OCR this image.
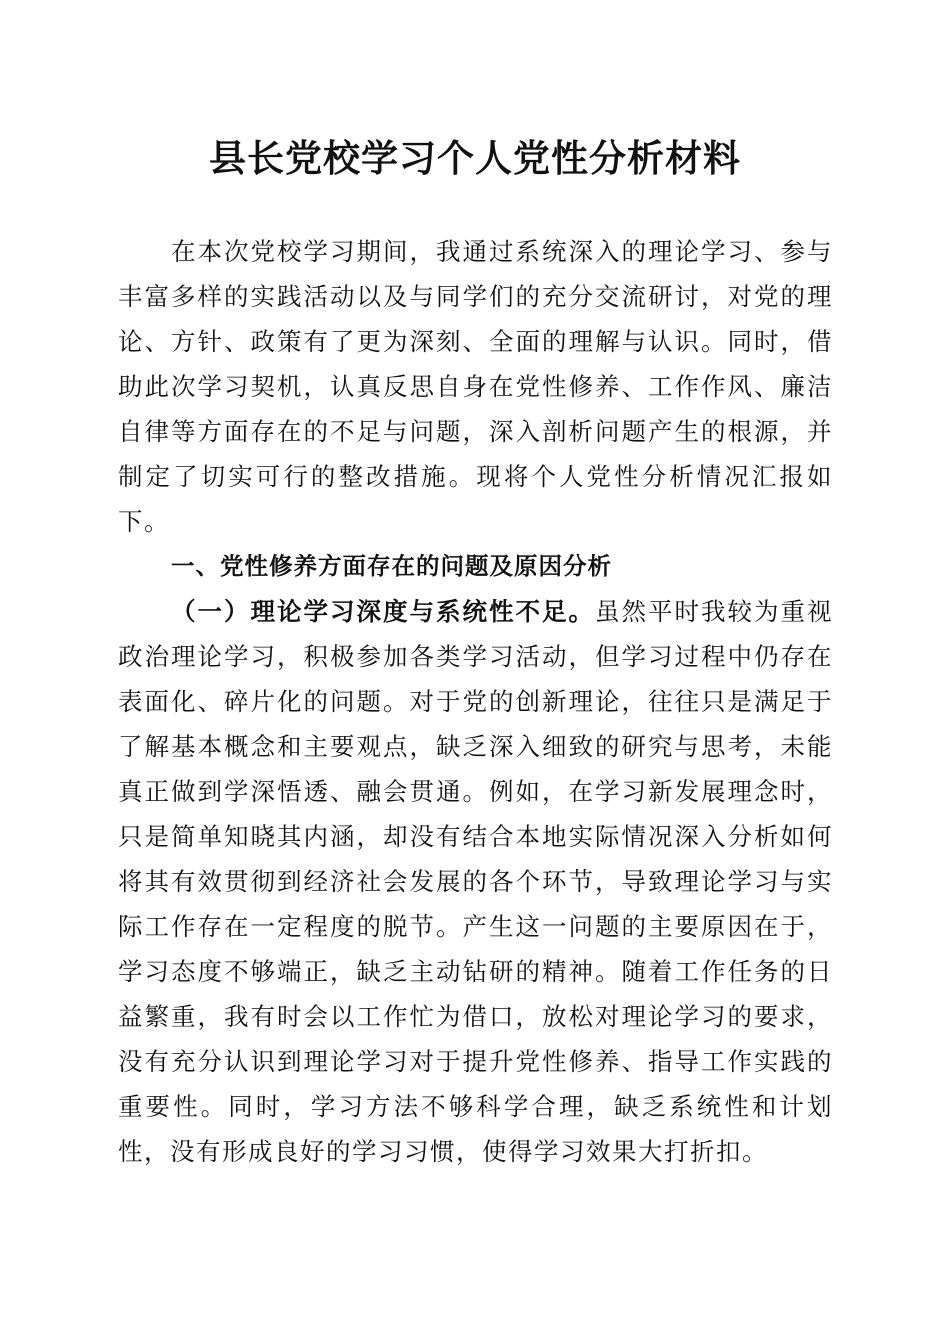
县长党校学习个人党性分析材料

在本次党校学习期间，我通过系统深入的理论学习、参与丰富多样的实践活动以及与同学们的充分交流研讨，对党的理论、方针、政策有了更为深刻、全面的理解与认识。同时，借助此次学习契机，认真反思自身在党性修养、工作作风、廉洁自律等方面存在的不足与问题，深入剖析问题产生的根源，并制定了切实可行的整改措施。现将个人党性分析情况汇报如下。

一、党性修养方面存在的问题及原因分析

（一）理论学习深度与系统性不足。虽然平时我较为重视政治理论学习，积极参加各类学习活动，但学习过程中仍存在表面化、碎片化的问题。对于党的创新理论，往往只是满足于了解基本概念和主要观点，缺乏深入细致的研究与思考，未能真正做到学深悟透、融会贯通。例如，在学习新发展理念时，只是简单知晓其内涵，却没有结合本地实际情况深入分析如何将其有效贯彻到经济社会发展的各个环节，导致理论学习与实际工作存在一定程度的脱节。产生这一问题的主要原因在于，学习态度不够端正，缺乏主动钻研的精神。随着工作任务的日益繁重，我有时会以工作忙为借口，放松对理论学习的要求，没有充分认识到理论学习对于提升党性修养、指导工作实践的重要性。同时，学习方法不够科学合理，缺乏系统性和计划性，没有形成良好的学习习惯，使得学习效果大打折扣。
